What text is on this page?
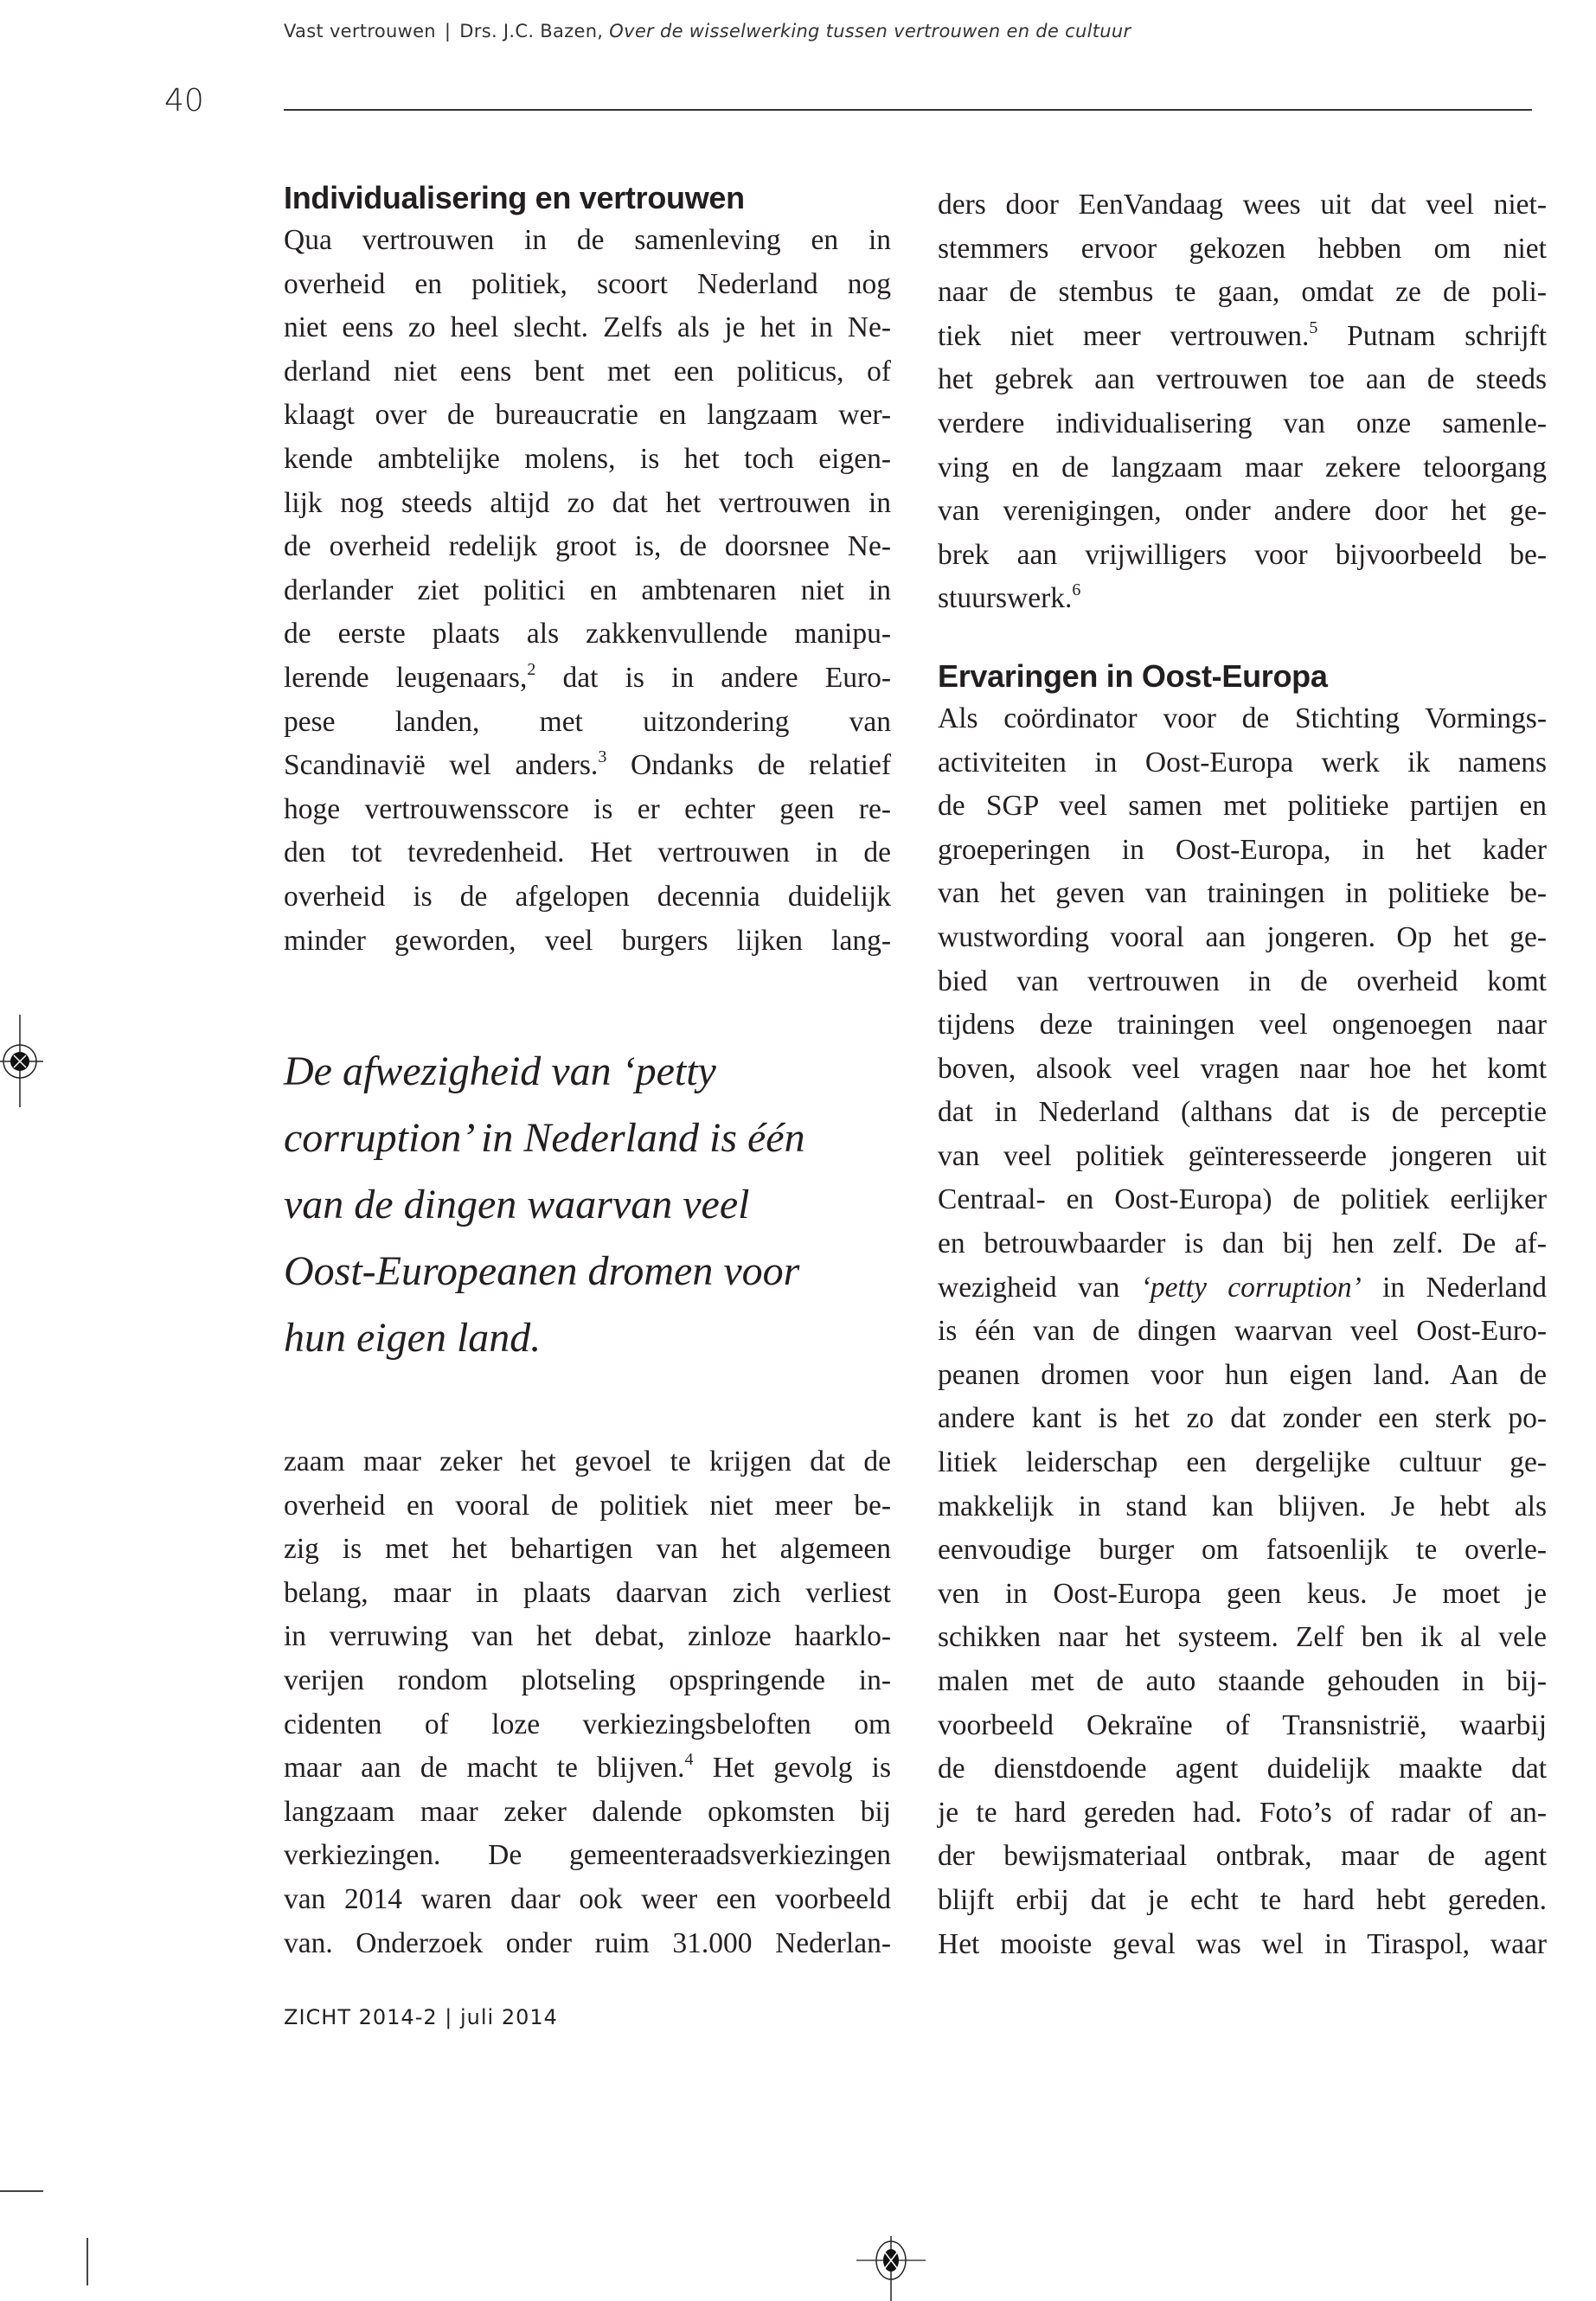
Vast vertrouwen | Drs. J.C. Bazen, Over de wisselwerking tussen vertrouwen en de cultuur
40
Individualisering en vertrouwen
Qua vertrouwen in de samenleving en in
overheid en politiek, scoort Nederland nog
niet eens zo heel slecht. Zelfs als je het in Ne-
derland niet eens bent met een politicus, of
klaagt over de bureaucratie en langzaam wer-
kende ambtelijke molens, is het toch eigen-
lijk nog steeds altijd zo dat het vertrouwen in
de overheid redelijk groot is, de doorsnee Ne-
derlander ziet politici en ambtenaren niet in
de eerste plaats als zakkenvullende manipu-
lerende leugenaars,$^2$ dat is in andere Euro-
pese landen, met uitzondering van
Scandinavië wel anders.$^3$ Ondanks de relatief
hoge vertrouwensscore is er echter geen re-
den tot tevredenheid. Het vertrouwen in de
overheid is de afgelopen decennia duidelijk
minder geworden, veel burgers lijken lang-
De afwezigheid van ‘petty
corruption’ in Nederland is één
van de dingen waarvan veel
Oost-Europeanen dromen voor
hun eigen land.
zaam maar zeker het gevoel te krijgen dat de
overheid en vooral de politiek niet meer be-
zig is met het behartigen van het algemeen
belang, maar in plaats daarvan zich verliest
in verruwing van het debat, zinloze haarklo-
verijen rondom plotseling opspringende in-
cidenten of loze verkiezingsbeloften om
maar aan de macht te blijven.$^4$ Het gevolg is
langzaam maar zeker dalende opkomsten bij
verkiezingen. De gemeenteraadsverkiezingen
van 2014 waren daar ook weer een voorbeeld
van. Onderzoek onder ruim 31.000 Nederlan-
ders door EenVandaag wees uit dat veel niet-
stemmers ervoor gekozen hebben om niet
naar de stembus te gaan, omdat ze de poli-
tiek niet meer vertrouwen.$^5$ Putnam schrijft
het gebrek aan vertrouwen toe aan de steeds
verdere individualisering van onze samenle-
ving en de langzaam maar zekere teloorgang
van verenigingen, onder andere door het ge-
brek aan vrijwilligers voor bijvoorbeeld be-
stuurswerk.$^6$
Ervaringen in Oost-Europa
Als coördinator voor de Stichting Vormings-
activiteiten in Oost-Europa werk ik namens
de SGP veel samen met politieke partijen en
groeperingen in Oost-Europa, in het kader
van het geven van trainingen in politieke be-
wustwording vooral aan jongeren. Op het ge-
bied van vertrouwen in de overheid komt
tijdens deze trainingen veel ongenoegen naar
boven, alsook veel vragen naar hoe het komt
dat in Nederland (althans dat is de perceptie
van veel politiek geïnteresseerde jongeren uit
Centraal- en Oost-Europa) de politiek eerlijker
en betrouwbaarder is dan bij hen zelf. De af-
wezigheid van ‘petty corruption’ in Nederland
is één van de dingen waarvan veel Oost-Euro-
peanen dromen voor hun eigen land. Aan de
andere kant is het zo dat zonder een sterk po-
litiek leiderschap een dergelijke cultuur ge-
makkelijk in stand kan blijven. Je hebt als
eenvoudige burger om fatsoenlijk te overle-
ven in Oost-Europa geen keus. Je moet je
schikken naar het systeem. Zelf ben ik al vele
malen met de auto staande gehouden in bij-
voorbeeld Oekraïne of Transnistrië, waarbij
de dienstdoende agent duidelijk maakte dat
je te hard gereden had. Foto’s of radar of an-
der bewijsmateriaal ontbrak, maar de agent
blijft erbij dat je echt te hard hebt gereden.
Het mooiste geval was wel in Tiraspol, waar
ZICHT 2014-2 | juli 2014
